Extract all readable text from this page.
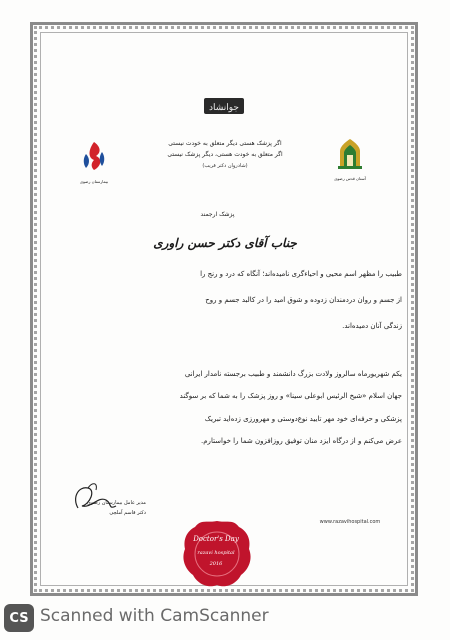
جوانشاد
اگر پزشک هستی دیگر متعلق به خودت نیستی
اگر متعلق به خودت هستی، دیگر پزشک نیستی
(شادروان دکتر قریب)
بیمارستان رضوی
آستان قدس رضوی
پزشک ارجمند
جناب آقای دکتر حسن راوری
طبیب را مظهر اسم محیی و احیاء‌گری نامیده‌اند؛ آنگاه که درد و رنج را
از جسم و روان دردمندان زدوده و شوق امید را در کالبد جسم و روح
زندگی آنان دمیده‌اند.
یکم شهریورماه سالروز ولادت بزرگ دانشمند و طبیب برجسته نامدار ایرانی
جهان اسلام «شیخ الرئیس ابوعلی سینا» و روز پزشک را به شما که بر سوگند
پزشکی و حرفه‌ای خود مهر تایید نوع‌دوستی و مهرورزی زده‌اید تبریک
عرض می‌کنم و از درگاه ایزد منان توفیق روزافزون شما را خواستارم.
مدیر عامل بیمارستان رضوی
دکتر قاسم آملچی
Doctor's Day
razavi hospital
2016
www.razavihospital.com
CS Scanned with CamScanner
